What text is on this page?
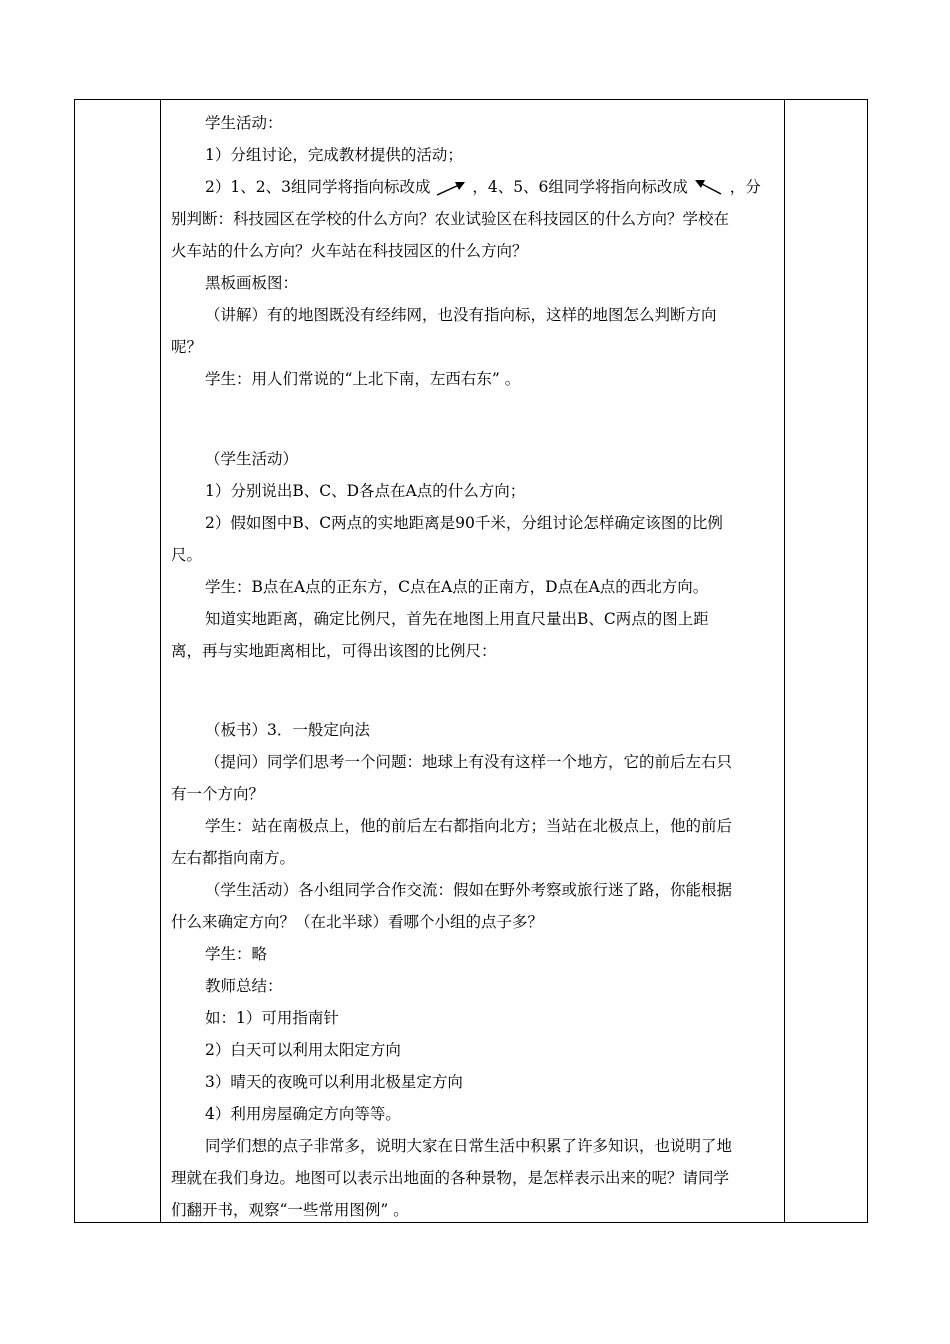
学生活动：
1）分组讨论，完成教材提供的活动；
2）1、2、3组同学将指向标改成	，4、5、6组同学将指向标改成	，分
别判断：科技园区在学校的什么方向？农业试验区在科技园区的什么方向？学校在
火车站的什么方向？火车站在科技园区的什么方向？
黑板画板图：
（讲解）有的地图既没有经纬网，也没有指向标，这样的地图怎么判断方向
呢？
学生：用人们常说的“上北下南，左西右东” 。
（学生活动）
1）分别说出B、C、D各点在A点的什么方向；
2）假如图中B、C两点的实地距离是90千米，分组讨论怎样确定该图的比例
尺。
学生：B点在A点的正东方，C点在A点的正南方，D点在A点的西北方向。
知道实地距离，确定比例尺，首先在地图上用直尺量出B、C两点的图上距
离，再与实地距离相比，可得出该图的比例尺：
（板书）3．一般定向法
（提问）同学们思考一个问题：地球上有没有这样一个地方，它的前后左右只
有一个方向？
学生：站在南极点上，他的前后左右都指向北方；当站在北极点上，他的前后
左右都指向南方。
（学生活动）各小组同学合作交流：假如在野外考察或旅行迷了路，你能根据
什么来确定方向？（在北半球）看哪个小组的点子多？
学生：略
教师总结：
如：1）可用指南针
2）白天可以利用太阳定方向
3）晴天的夜晚可以利用北极星定方向
4）利用房屋确定方向等等。
同学们想的点子非常多，说明大家在日常生活中积累了许多知识，也说明了地
理就在我们身边。地图可以表示出地面的各种景物，是怎样表示出来的呢？请同学
们翻开书，观察“一些常用图例” 。
